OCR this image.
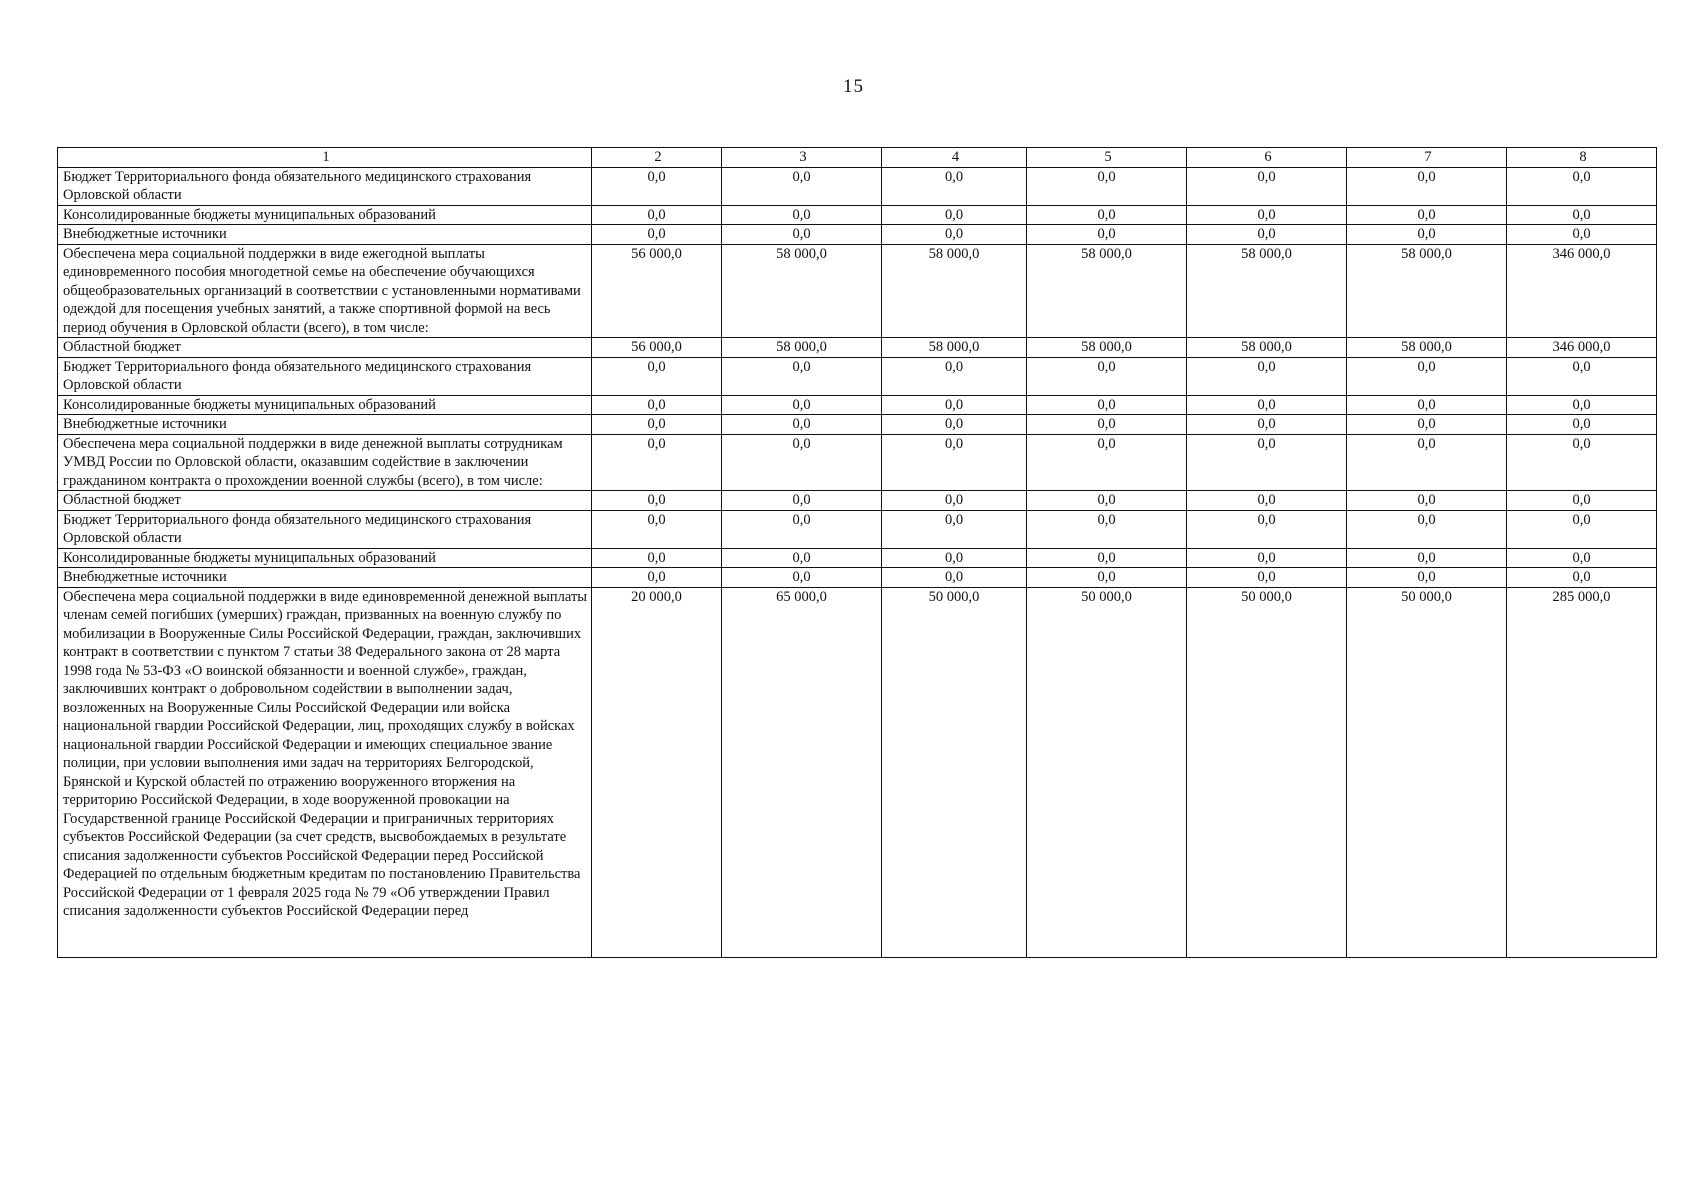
15
1	2	3	4	5	6	7	8
Бюджет Территориального фонда обязательного медицинского страхования Орловской области	0,0	0,0	0,0	0,0	0,0	0,0	0,0
Консолидированные бюджеты муниципальных образований	0,0	0,0	0,0	0,0	0,0	0,0	0,0
Внебюджетные источники	0,0	0,0	0,0	0,0	0,0	0,0	0,0
Обеспечена мера социальной поддержки в виде ежегодной выплаты единовременного пособия многодетной семье на обеспечение обучающихся общеобразовательных организаций в соответствии с установленными нормативами одеждой для посещения учебных занятий, а также спортивной формой на весь период обучения в Орловской области (всего), в том числе:	56 000,0	58 000,0	58 000,0	58 000,0	58 000,0	58 000,0	346 000,0
Областной бюджет	56 000,0	58 000,0	58 000,0	58 000,0	58 000,0	58 000,0	346 000,0
Бюджет Территориального фонда обязательного медицинского страхования Орловской области	0,0	0,0	0,0	0,0	0,0	0,0	0,0
Консолидированные бюджеты муниципальных образований	0,0	0,0	0,0	0,0	0,0	0,0	0,0
Внебюджетные источники	0,0	0,0	0,0	0,0	0,0	0,0	0,0
Обеспечена мера социальной поддержки в виде денежной выплаты сотрудникам УМВД России по Орловской области, оказавшим содействие в заключении гражданином контракта о прохождении военной службы (всего), в том числе:	0,0	0,0	0,0	0,0	0,0	0,0	0,0
Областной бюджет	0,0	0,0	0,0	0,0	0,0	0,0	0,0
Бюджет Территориального фонда обязательного медицинского страхования Орловской области	0,0	0,0	0,0	0,0	0,0	0,0	0,0
Консолидированные бюджеты муниципальных образований	0,0	0,0	0,0	0,0	0,0	0,0	0,0
Внебюджетные источники	0,0	0,0	0,0	0,0	0,0	0,0	0,0
Обеспечена мера социальной поддержки в виде единовременной денежной выплаты членам семей погибших (умерших) граждан, призванных на военную службу по мобилизации в Вооруженные Силы Российской Федерации, граждан, заключивших контракт в соответствии с пунктом 7 статьи 38 Федерального закона от 28 марта 1998 года № 53-ФЗ «О воинской обязанности и военной службе», граждан, заключивших контракт о добровольном содействии в выполнении задач, возложенных на Вооруженные Силы Российской Федерации или войска национальной гвардии Российской Федерации, лиц, проходящих службу в войсках национальной гвардии Российской Федерации и имеющих специальное звание полиции, при условии выполнения ими задач на территориях Белгородской, Брянской и Курской областей по отражению вооруженного вторжения на территорию Российской Федерации, в ходе вооруженной провокации на Государственной границе Российской Федерации и приграничных территориях субъектов Российской Федерации (за счет средств, высвобождаемых в результате списания задолженности субъектов Российской Федерации перед Российской Федерацией по отдельным бюджетным кредитам по постановлению Правительства Российской Федерации от 1 февраля 2025 года № 79 «Об утверждении Правил списания задолженности субъектов Российской Федерации перед	20 000,0	65 000,0	50 000,0	50 000,0	50 000,0	50 000,0	285 000,0
